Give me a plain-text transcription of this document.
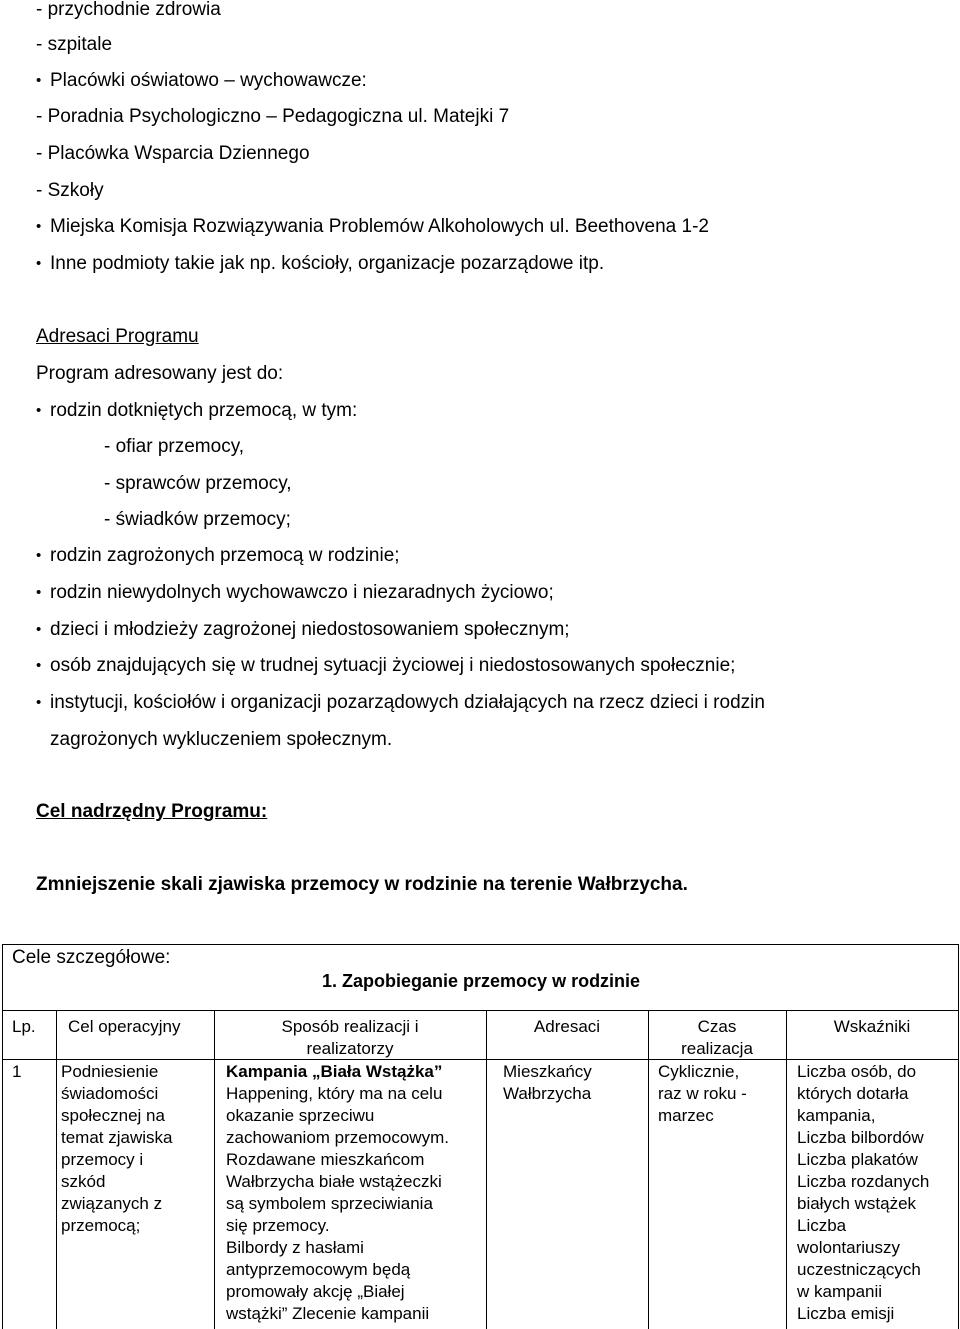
- przychodnie zdrowia
- szpitale
• Placówki oświatowo – wychowawcze:
- Poradnia Psychologiczno – Pedagogiczna ul. Matejki 7
- Placówka Wsparcia Dziennego
- Szkoły
• Miejska Komisja Rozwiązywania Problemów Alkoholowych ul. Beethovena 1-2
• Inne podmioty takie jak np. kościoły, organizacje pozarządowe itp.
Adresaci Programu
Program adresowany jest do:
• rodzin dotkniętych przemocą, w tym:
- ofiar przemocy,
- sprawców przemocy,
- świadków przemocy;
• rodzin zagrożonych przemocą w rodzinie;
• rodzin niewydolnych wychowawczo i niezaradnych życiowo;
• dzieci i młodzieży zagrożonej niedostosowaniem społecznym;
• osób znajdujących się w trudnej sytuacji życiowej i niedostosowanych społecznie;
• instytucji, kościołów i organizacji pozarządowych działających na rzecz dzieci i rodzin
zagrożonych wykluczeniem społecznym.
Cel nadrzędny Programu:
Zmniejszenie skali zjawiska przemocy w rodzinie na terenie Wałbrzycha.
Cele szczegółowe:
1. Zapobieganie przemocy w rodzinie
Lp. Cel operacyjny	Sposób realizacji i
realizatorzy
Adresaci	Czas
realizacja
Wskaźniki
1 Podniesienie
świadomości
społecznej na
temat zjawiska
przemocy i
szkód
związanych z
przemocą;
Kampania „Biała Wstążka”
Happening, który ma na celu
okazanie sprzeciwu
zachowaniom przemocowym.
Rozdawane mieszkańcom
Wałbrzycha białe wstążeczki
są symbolem sprzeciwiania
się przemocy.
Bilbordy z hasłami
antyprzemocowym będą
promowały akcję „Białej
wstążki” Zlecenie kampanii
Mieszkańcy
Wałbrzycha
Cyklicznie,
raz w roku -
marzec
Liczba osób, do
których dotarła
kampania,
Liczba bilbordów
Liczba plakatów
Liczba rozdanych
białych wstążek
Liczba
wolontariuszy
uczestniczących
w kampanii
Liczba emisji
